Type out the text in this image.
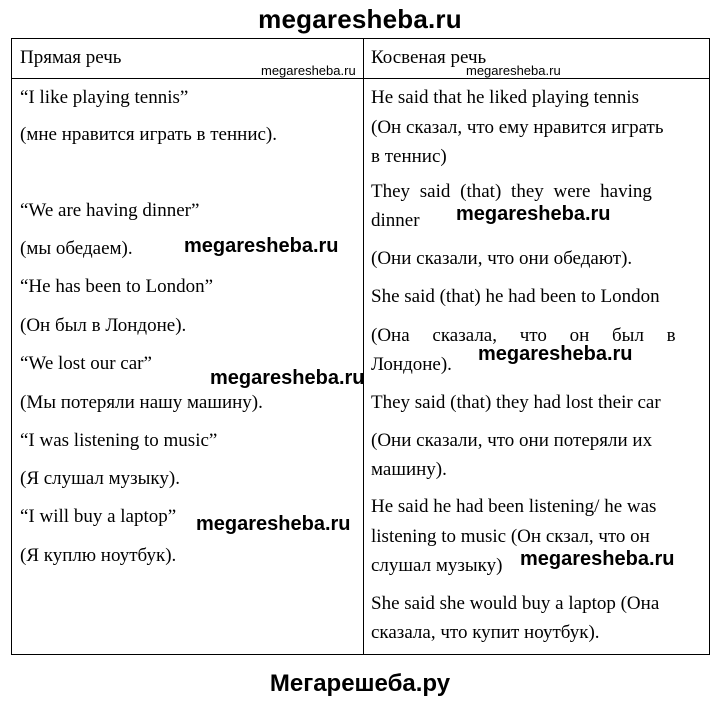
megaresheba.ru
Прямая речь	Косвеная речь
“I like playing tennis”
(мне нравится играть в теннис).
“We are having dinner”
(мы обедаем).
“He has been to London”
(Он был в Лондоне).
“We lost our car”
(Мы потеряли нашу машину).
“I was listening to music”
(Я слушал музыку).
“I will buy a laptop”
(Я куплю ноутбук).
He said that he liked playing tennis
(Он сказал, что ему нравится играть
в теннис)
They said (that) they were having
dinner
(Они сказали, что они обедают).
She said (that) he had been to London
(Она сказала, что он был в
Лондоне).
They said (that) they had lost their car
(Они сказали, что они потеряли их
машину).
He said he had been listening/ he was
listening to music (Он скзал, что он
слушал музыку)
She said she would buy a laptop (Она
сказала, что купит ноутбук).
megaresheba.ru	megaresheba.ru
megaresheba.ru
megaresheba.ru
megaresheba.ru
megaresheba.ru
megaresheba.ru
megaresheba.ru
Мегарешеба.ру
